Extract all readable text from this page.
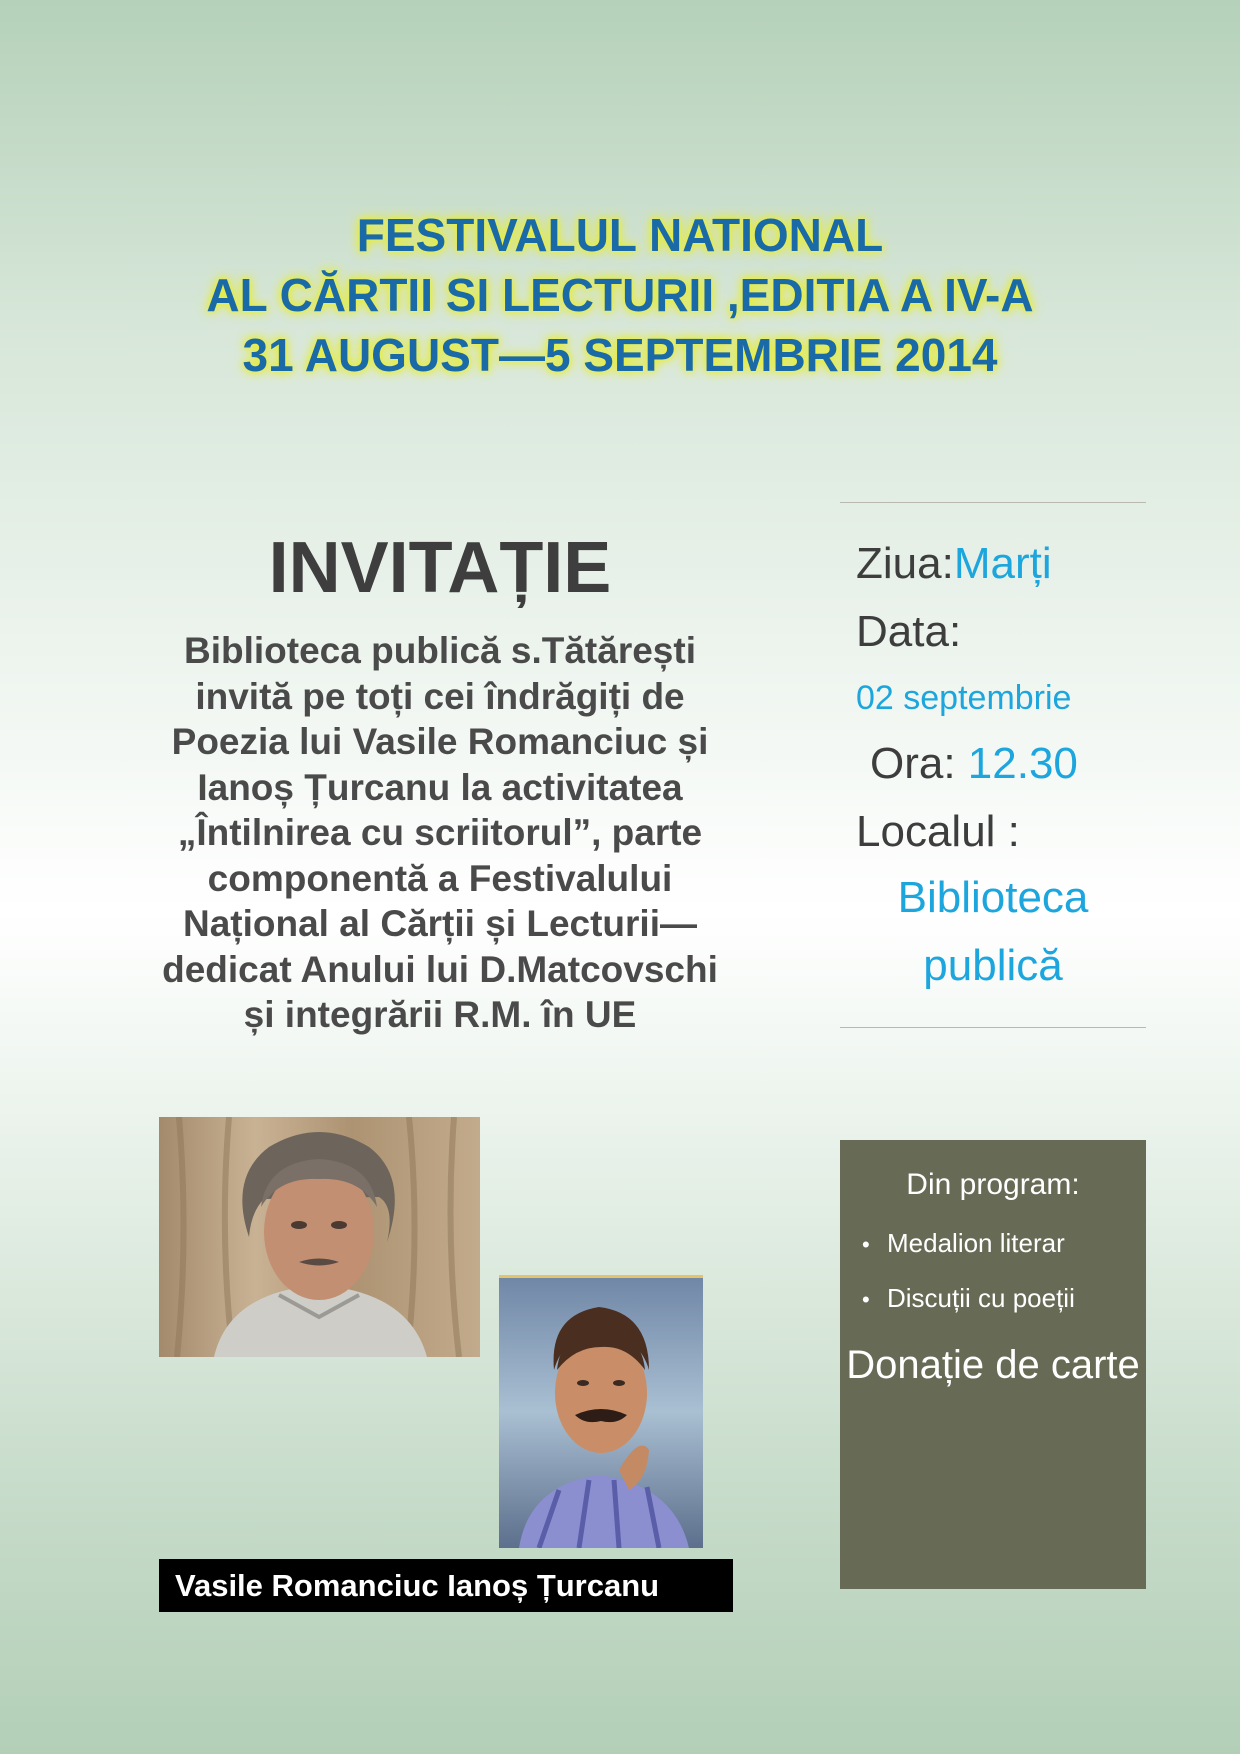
FESTIVALUL NATIONAL
AL CĂRTII SI LECTURII ,EDITIA A IV-A
31 AUGUST—5 SEPTEMBRIE 2014
INVITAȚIE
Biblioteca publică s.Tătărești
invită pe toți cei îndrăgiți de
Poezia lui Vasile Romanciuc și
Ianoș Țurcanu la activitatea
„Întilnirea cu scriitorul”, parte
componentă a Festivalului
Național al Cărții și Lecturii—
dedicat Anului lui D.Matcovschi
și integrării R.M. în UE
Ziua:Marți
Data:
02 septembrie
Ora: 12.30
Localul :
Biblioteca
publică
Vasile Romanciuc Ianoș Țurcanu
Din program:
• Medalion literar
• Discuții cu poeții
Donație de carte
